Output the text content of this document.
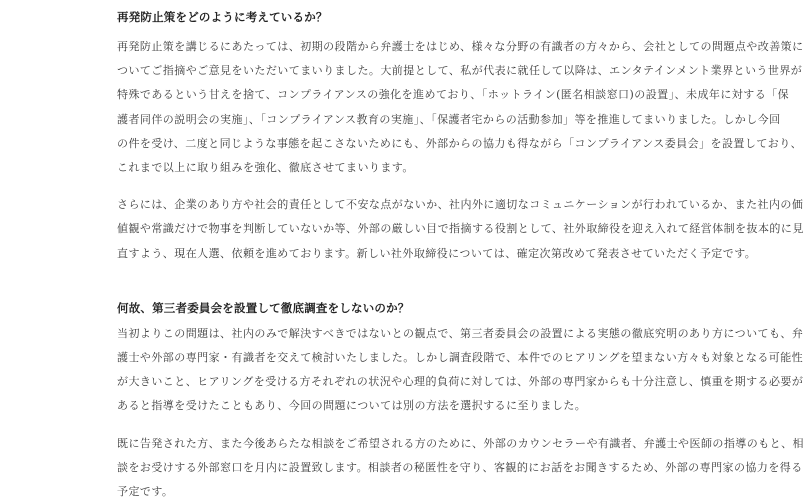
再発防止策をどのように考えているか？

再発防止策を講じるにあたっては、初期の段階から弁護士をはじめ、様々な分野の有識者の方々から、会社としての問題点や改善策に
ついてご指摘やご意見をいただいてまいりました。大前提として、私が代表に就任して以降は、エンタテインメント業界という世界が
特殊であるという甘えを捨て、コンプライアンスの強化を進めており、「ホットライン(匿名相談窓口)の設置」、未成年に対する「保
護者同伴の説明会の実施」、「コンプライアンス教育の実施」、「保護者宅からの活動参加」等を推進してまいりました。しかし今回
の件を受け、二度と同じような事態を起こさないためにも、外部からの協力も得ながら「コンプライアンス委員会」を設置しており、
これまで以上に取り組みを強化、徹底させてまいります。

さらには、企業のあり方や社会的責任として不安な点がないか、社内外に適切なコミュニケーションが行われているか、また社内の価
値観や常識だけで物事を判断していないか等、外部の厳しい目で指摘する役割として、社外取締役を迎え入れて経営体制を抜本的に見
直すよう、現在人選、依頼を進めております。新しい社外取締役については、確定次第改めて発表させていただく予定です。

何故、第三者委員会を設置して徹底調査をしないのか？

当初よりこの問題は、社内のみで解決すべきではないとの観点で、第三者委員会の設置による実態の徹底究明のあり方についても、弁
護士や外部の専門家・有識者を交えて検討いたしました。しかし調査段階で、本件でのヒアリングを望まない方々も対象となる可能性
が大きいこと、ヒアリングを受ける方それぞれの状況や心理的負荷に対しては、外部の専門家からも十分注意し、慎重を期する必要が
あると指導を受けたこともあり、今回の問題については別の方法を選択するに至りました。

既に告発された方、また今後あらたな相談をご希望される方のために、外部のカウンセラーや有識者、弁護士や医師の指導のもと、相
談をお受けする外部窓口を月内に設置致します。相談者の秘匿性を守り、客観的にお話をお聞きするため、外部の専門家の協力を得る
予定です。
